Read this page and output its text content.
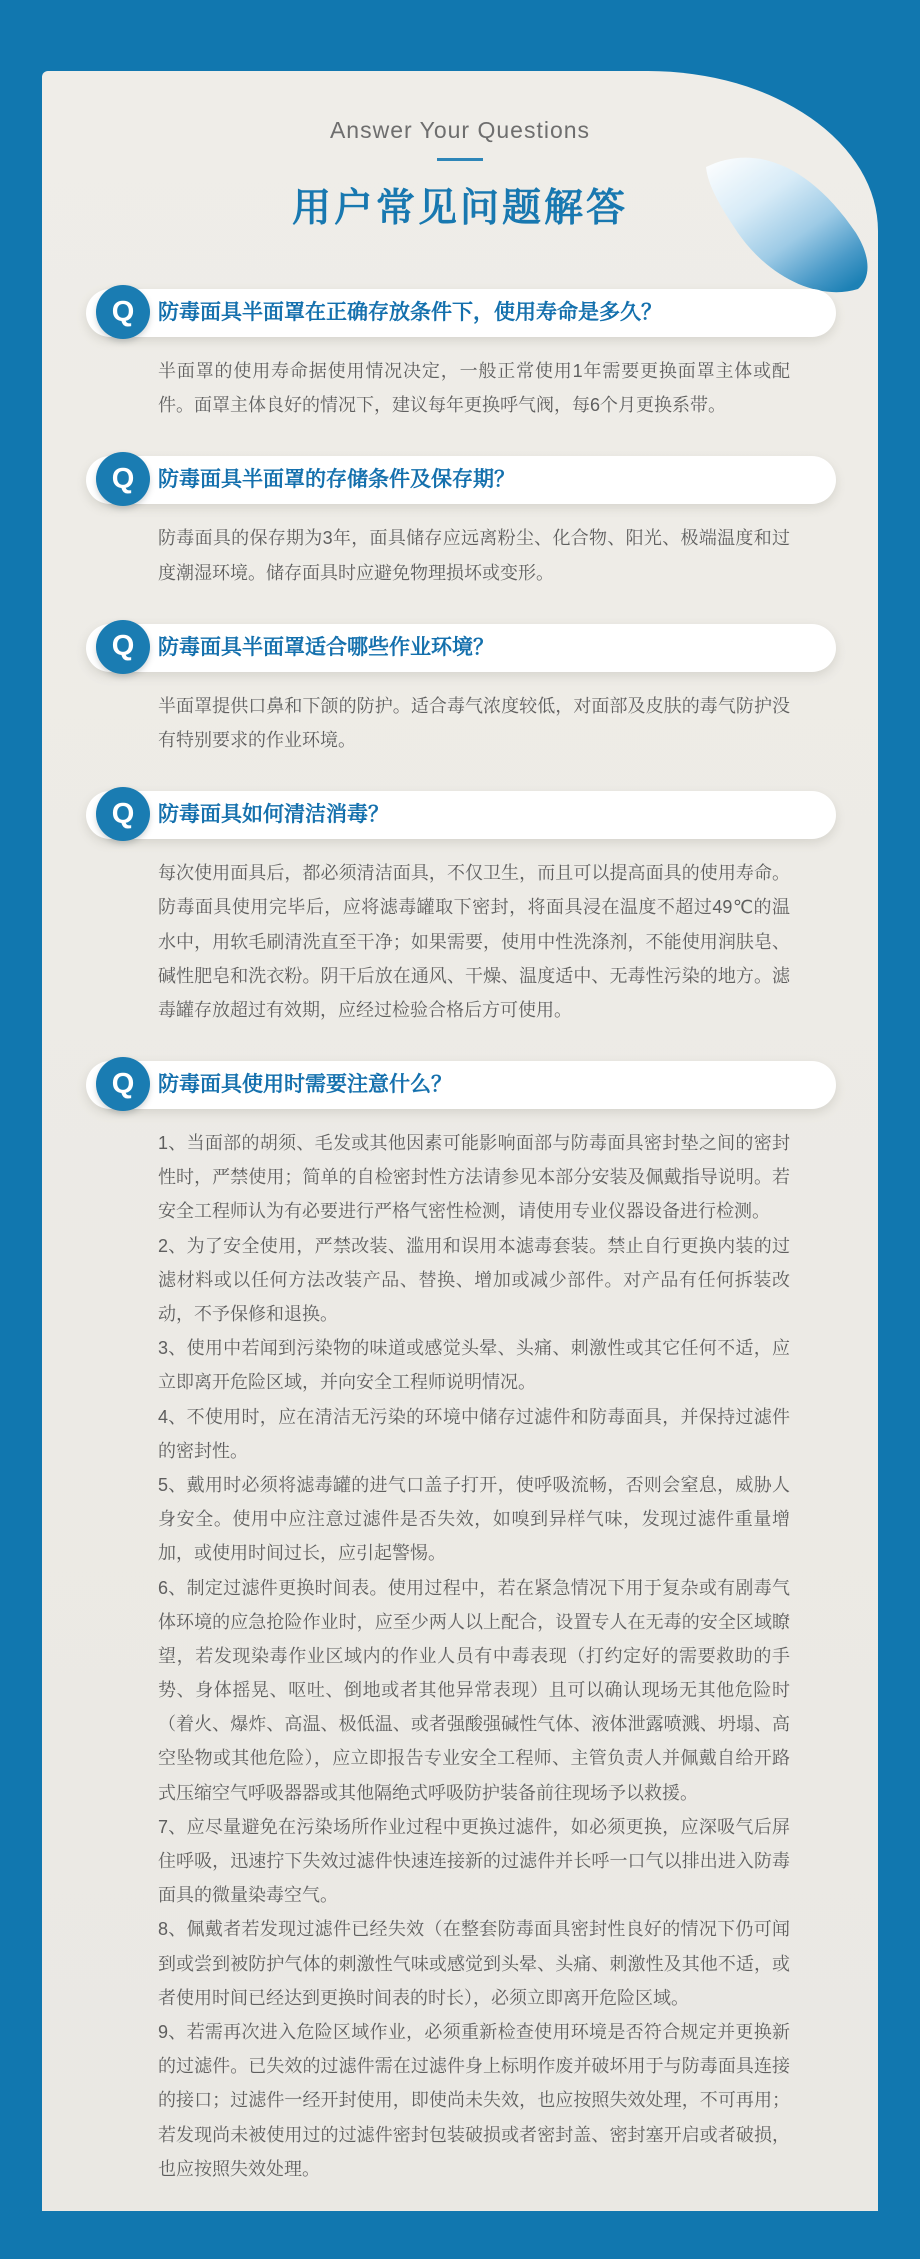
Answer Your Questions
用户常见问题解答
Q	防毒面具半面罩在正确存放条件下，使用寿命是多久？

半面罩的使用寿命据使用情况决定，一般正常使用1年需要更换面罩主体或配件。面罩主体良好的情况下，建议每年更换呼气阀，每6个月更换系带。

Q	防毒面具半面罩的存储条件及保存期？

防毒面具的保存期为3年，面具储存应远离粉尘、化合物、阳光、极端温度和过度潮湿环境。储存面具时应避免物理损坏或变形。

Q	防毒面具半面罩适合哪些作业环境？

半面罩提供口鼻和下颌的防护。适合毒气浓度较低，对面部及皮肤的毒气防护没有特别要求的作业环境。

Q	防毒面具如何清洁消毒？

每次使用面具后，都必须清洁面具，不仅卫生，而且可以提高面具的使用寿命。防毒面具使用完毕后，应将滤毒罐取下密封，将面具浸在温度不超过49℃的温水中，用软毛刷清洗直至干净；如果需要，使用中性洗涤剂，不能使用润肤皂、碱性肥皂和洗衣粉。阴干后放在通风、干燥、温度适中、无毒性污染的地方。滤毒罐存放超过有效期，应经过检验合格后方可使用。

Q	防毒面具使用时需要注意什么？

1、当面部的胡须、毛发或其他因素可能影响面部与防毒面具密封垫之间的密封性时，严禁使用；简单的自检密封性方法请参见本部分安装及佩戴指导说明。若安全工程师认为有必要进行严格气密性检测，请使用专业仪器设备进行检测。

2、为了安全使用，严禁改装、滥用和误用本滤毒套装。禁止自行更换内装的过滤材料或以任何方法改装产品、替换、增加或减少部件。对产品有任何拆装改动，不予保修和退换。

3、使用中若闻到污染物的味道或感觉头晕、头痛、刺激性或其它任何不适，应立即离开危险区域，并向安全工程师说明情况。

4、不使用时，应在清洁无污染的环境中储存过滤件和防毒面具，并保持过滤件的密封性。

5、戴用时必须将滤毒罐的进气口盖子打开，使呼吸流畅，否则会窒息，威胁人身安全。使用中应注意过滤件是否失效，如嗅到异样气味，发现过滤件重量增加，或使用时间过长，应引起警惕。

6、制定过滤件更换时间表。使用过程中，若在紧急情况下用于复杂或有剧毒气体环境的应急抢险作业时，应至少两人以上配合，设置专人在无毒的安全区域瞭望，若发现染毒作业区域内的作业人员有中毒表现（打约定好的需要救助的手势、身体摇晃、呕吐、倒地或者其他异常表现）且可以确认现场无其他危险时（着火、爆炸、高温、极低温、或者强酸强碱性气体、液体泄露喷溅、坍塌、高空坠物或其他危险），应立即报告专业安全工程师、主管负责人并佩戴自给开路式压缩空气呼吸器器或其他隔绝式呼吸防护装备前往现场予以救援。

7、应尽量避免在污染场所作业过程中更换过滤件，如必须更换，应深吸气后屏住呼吸，迅速拧下失效过滤件快速连接新的过滤件并长呼一口气以排出进入防毒面具的微量染毒空气。

8、佩戴者若发现过滤件已经失效（在整套防毒面具密封性良好的情况下仍可闻到或尝到被防护气体的刺激性气味或感觉到头晕、头痛、刺激性及其他不适，或者使用时间已经达到更换时间表的时长），必须立即离开危险区域。

9、若需再次进入危险区域作业，必须重新检查使用环境是否符合规定并更换新的过滤件。已失效的过滤件需在过滤件身上标明作废并破坏用于与防毒面具连接的接口；过滤件一经开封使用，即使尚未失效，也应按照失效处理，不可再用；若发现尚未被使用过的过滤件密封包装破损或者密封盖、密封塞开启或者破损，也应按照失效处理。
